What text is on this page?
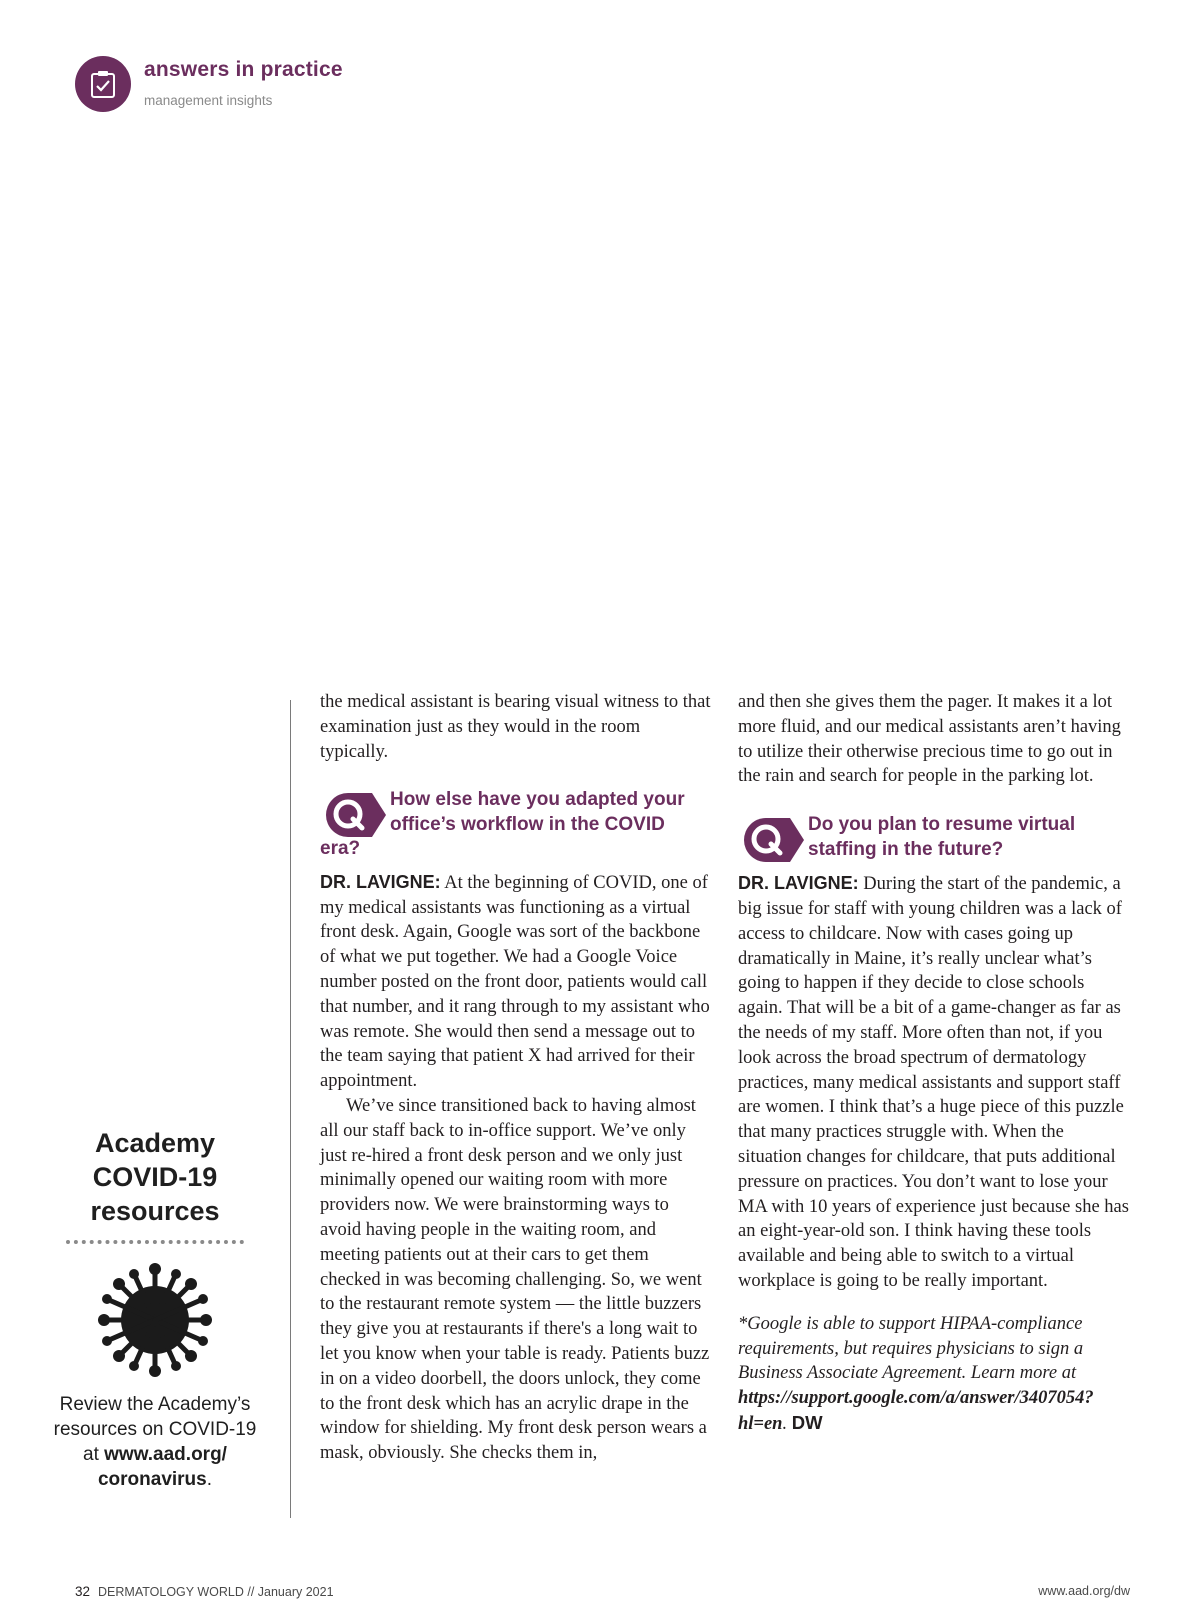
answers in practice
management insights
Academy
COVID-19
resources
Review the Academy’s resources on COVID-19 at www.aad.org/
coronavirus.

the medical assistant is bearing visual witness to that examination just as they would in the room typically.

How else have you adapted your office’s workflow in the COVID
era?

DR. LAVIGNE: At the beginning of COVID, one of my medical assistants was functioning as a virtual front desk. Again, Google was sort of the backbone of what we put together. We had a Google Voice number posted on the front door, patients would call that number, and it rang through to my assistant who was remote. She would then send a message out to the team saying that patient X had arrived for their appointment.

We’ve since transitioned back to having almost all our staff back to in-office support. We’ve only just re-hired a front desk person and we only just minimally opened our waiting room with more providers now. We were brainstorming ways to avoid having people in the waiting room, and meeting patients out at their cars to get them checked in was becoming challenging. So, we went to the restaurant remote system — the little buzzers they give you at restaurants if there's a long wait to let you know when your table is ready. Patients buzz in on a video doorbell, the doors unlock, they come to the front desk which has an acrylic drape in the window for shielding. My front desk person wears a mask, obviously. She checks them in,

and then she gives them the pager. It makes it a lot more fluid, and our medical assistants aren’t having to utilize their otherwise precious time to go out in the rain and search for people in the parking lot.

Do you plan to resume virtual staffing in the future?

DR. LAVIGNE: During the start of the pandemic, a big issue for staff with young children was a lack of access to childcare. Now with cases going up dramatically in Maine, it’s really unclear what’s going to happen if they decide to close schools again. That will be a bit of a game-changer as far as the needs of my staff. More often than not, if you look across the broad spectrum of dermatology practices, many medical assistants and support staff are women. I think that’s a huge piece of this puzzle that many practices struggle with. When the situation changes for childcare, that puts additional pressure on practices. You don’t want to lose your MA with 10 years of experience just because she has an eight-year-old son. I think having these tools available and being able to switch to a virtual workplace is going to be really important.

*Google is able to support HIPAA-compliance requirements, but requires physicians to sign a Business Associate Agreement. Learn more at https://support.google.com/a/answer/3407054?hl=en. DW

32 DERMATOLOGY WORLD // January 2021	www.aad.org/dw
